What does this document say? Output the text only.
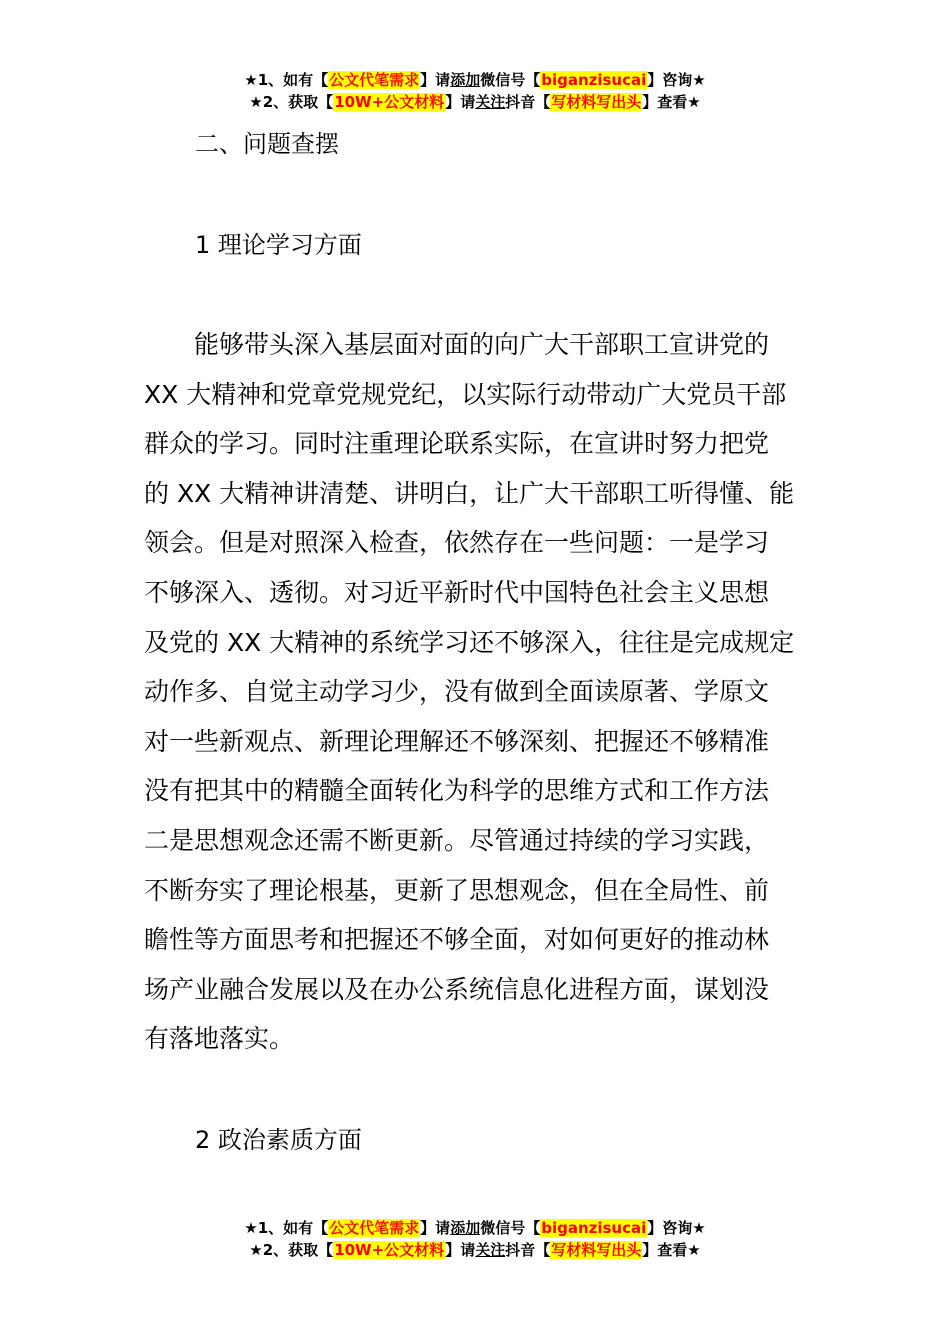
★1、如有【公文代笔需求】请添加微信号【biganzisucai】咨询★
★2、获取【10W+公文材料】请关注抖音【写材料写出头】查看★
二、问题查摆
1 理论学习方面
能够带头深入基层面对面的向广大干部职工宣讲党的
XX 大精神和党章党规党纪，以实际行动带动广大党员干部
群众的学习。同时注重理论联系实际，在宣讲时努力把党
的 XX 大精神讲清楚、讲明白，让广大干部职工听得懂、能
领会。但是对照深入检查，依然存在一些问题：一是学习
不够深入、透彻。对习近平新时代中国特色社会主义思想
及党的 XX 大精神的系统学习还不够深入，往往是完成规定
动作多、自觉主动学习少，没有做到全面读原著、学原文
对一些新观点、新理论理解还不够深刻、把握还不够精准
没有把其中的精髓全面转化为科学的思维方式和工作方法
二是思想观念还需不断更新。尽管通过持续的学习实践，
不断夯实了理论根基，更新了思想观念，但在全局性、前
瞻性等方面思考和把握还不够全面，对如何更好的推动林
场产业融合发展以及在办公系统信息化进程方面，谋划没
有落地落实。
2 政治素质方面
★1、如有【公文代笔需求】请添加微信号【biganzisucai】咨询★
★2、获取【10W+公文材料】请关注抖音【写材料写出头】查看★
